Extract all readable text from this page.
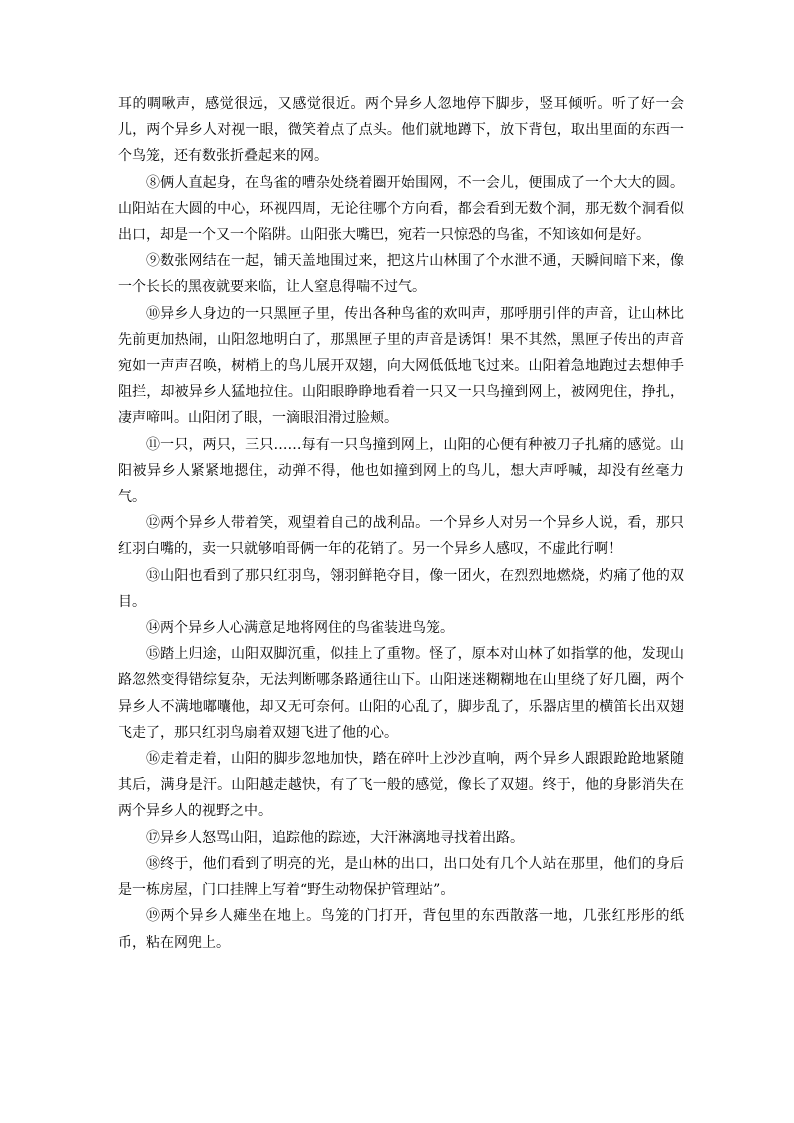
耳的啁啾声，感觉很远，又感觉很近。两个异乡人忽地停下脚步，竖耳倾听。听了好一会儿，两个异乡人对视一眼，微笑着点了点头。他们就地蹲下，放下背包，取出里面的东西一个鸟笼，还有数张折叠起来的网。

⑧俩人直起身，在鸟雀的嘈杂处绕着圈开始围网，不一会儿，便围成了一个大大的圆。山阳站在大圆的中心，环视四周，无论往哪个方向看，都会看到无数个洞，那无数个洞看似出口，却是一个又一个陷阱。山阳张大嘴巴，宛若一只惊恐的鸟雀，不知该如何是好。

⑨数张网结在一起，铺天盖地围过来，把这片山林围了个水泄不通，天瞬间暗下来，像一个长长的黑夜就要来临，让人窒息得喘不过气。

⑩异乡人身边的一只黑匣子里，传出各种鸟雀的欢叫声，那呼朋引伴的声音，让山林比先前更加热闹，山阳忽地明白了，那黑匣子里的声音是诱饵！果不其然，黑匣子传出的声音宛如一声声召唤，树梢上的鸟儿展开双翅，向大网低低地飞过来。山阳着急地跑过去想伸手阻拦，却被异乡人猛地拉住。山阳眼睁睁地看着一只又一只鸟撞到网上，被网兜住，挣扎，凄声啼叫。山阳闭了眼，一滴眼泪滑过脸颊。

⑪一只，两只，三只……每有一只鸟撞到网上，山阳的心便有种被刀子扎痛的感觉。山阳被异乡人紧紧地摁住，动弹不得，他也如撞到网上的鸟儿，想大声呼喊，却没有丝毫力气。

⑫两个异乡人带着笑，观望着自己的战利品。一个异乡人对另一个异乡人说，看，那只红羽白嘴的，卖一只就够咱哥俩一年的花销了。另一个异乡人感叹，不虚此行啊！

⑬山阳也看到了那只红羽鸟，翎羽鲜艳夺目，像一团火，在烈烈地燃烧，灼痛了他的双目。

⑭两个异乡人心满意足地将网住的鸟雀装进鸟笼。

⑮踏上归途，山阳双脚沉重，似挂上了重物。怪了，原本对山林了如指掌的他，发现山路忽然变得错综复杂，无法判断哪条路通往山下。山阳迷迷糊糊地在山里绕了好几圈，两个异乡人不满地嘟囔他，却又无可奈何。山阳的心乱了，脚步乱了，乐器店里的横笛长出双翅飞走了，那只红羽鸟扇着双翅飞进了他的心。

⑯走着走着，山阳的脚步忽地加快，踏在碎叶上沙沙直响，两个异乡人跟跟跄跄地紧随其后，满身是汗。山阳越走越快，有了飞一般的感觉，像长了双翅。终于，他的身影消失在两个异乡人的视野之中。

⑰异乡人怒骂山阳，追踪他的踪迹，大汗淋漓地寻找着出路。

⑱终于，他们看到了明亮的光，是山林的出口，出口处有几个人站在那里，他们的身后是一栋房屋，门口挂牌上写着“野生动物保护管理站”。

⑲两个异乡人瘫坐在地上。鸟笼的门打开，背包里的东西散落一地，几张红彤彤的纸币，粘在网兜上。
